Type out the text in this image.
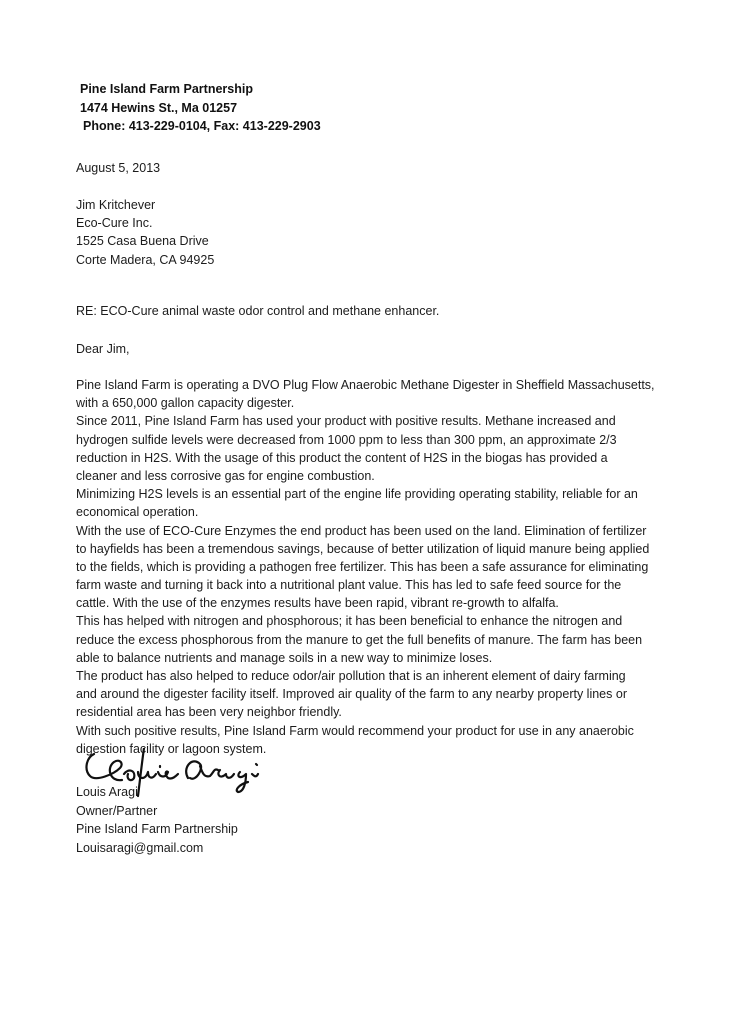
Pine Island Farm Partnership
1474 Hewins St., Ma 01257
Phone: 413-229-0104, Fax: 413-229-2903
August 5, 2013
Jim Kritchever
Eco-Cure Inc.
1525 Casa Buena Drive
Corte Madera, CA 94925
RE: ECO-Cure animal waste odor control and methane enhancer.
Dear Jim,
Pine Island Farm is operating a DVO Plug Flow Anaerobic Methane Digester in Sheffield Massachusetts,
with a 650,000 gallon capacity digester.
Since 2011, Pine Island Farm has used your product with positive results. Methane increased and
hydrogen sulfide levels were decreased from 1000 ppm to less than 300 ppm, an approximate 2/3
reduction in H2S. With the usage of this product the content of H2S in the biogas has provided a
cleaner and less corrosive gas for engine combustion.
Minimizing H2S levels is an essential part of the engine life providing operating stability, reliable for an
economical operation.
With the use of ECO-Cure Enzymes the end product has been used on the land. Elimination of fertilizer
to hayfields has been a tremendous savings, because of better utilization of liquid manure being applied
to the fields, which is providing a pathogen free fertilizer. This has been a safe assurance for eliminating
farm waste and turning it back into a nutritional plant value. This has led to safe feed source for the
cattle. With the use of the enzymes results have been rapid, vibrant re-growth to alfalfa.
This has helped with nitrogen and phosphorous; it has been beneficial to enhance the nitrogen and
reduce the excess phosphorous from the manure to get the full benefits of manure. The farm has been
able to balance nutrients and manage soils in a new way to minimize loses.
The product has also helped to reduce odor/air pollution that is an inherent element of dairy farming
and around the digester facility itself. Improved air quality of the farm to any nearby property lines or
residential area has been very neighbor friendly.
With such positive results, Pine Island Farm would recommend your product for use in any anaerobic
digestion facility or lagoon system.
Louis Aragi
Owner/Partner
Pine Island Farm Partnership
Louisaragi@gmail.com
